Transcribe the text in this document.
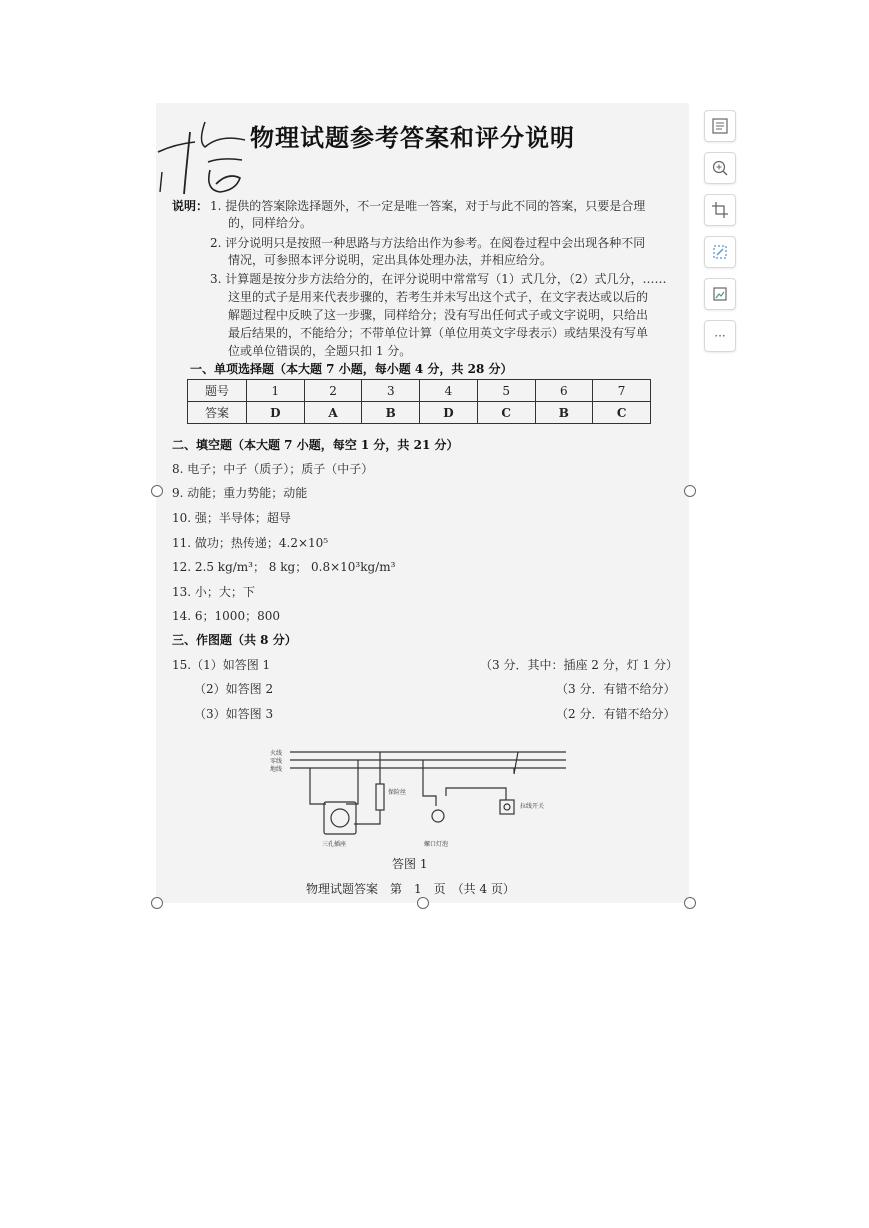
物理试题参考答案和评分说明
说明： 1. 提供的答案除选择题外，不一定是唯一答案，对于与此不同的答案，只要是合理
的，同样给分。
2. 评分说明只是按照一种思路与方法给出作为参考。在阅卷过程中会出现各种不同
情况，可参照本评分说明，定出具体处理办法，并相应给分。
3. 计算题是按分步方法给分的，在评分说明中常常写（1）式几分，（2）式几分，……
这里的式子是用来代表步骤的，若考生并未写出这个式子，在文字表达或以后的
解题过程中反映了这一步骤，同样给分；没有写出任何式子或文字说明，只给出
最后结果的，不能给分；不带单位计算（单位用英文字母表示）或结果没有写单
位或单位错误的，全题只扣 1 分。
一、单项选择题（本大题 7 小题，每小题 4 分，共 28 分）
题号	1	2	3	4	5	6	7
答案	D	A	B	D	C	B	C
二、填空题（本大题 7 小题，每空 1 分，共 21 分）
8. 电子；中子（质子）；质子（中子）
9. 动能；重力势能；动能
10. 强；半导体；超导
11. 做功；热传递；4.2×10⁵
12. 2.5 kg/m³； 8 kg； 0.8×10³kg/m³
13. 小；大；下
14. 6；1000；800
三、作图题（共 8 分）
15.（1）如答图 1	（3 分．其中：插座 2 分，灯 1 分）
（2）如答图 2	（3 分．有错不给分）
（3）如答图 3	（2 分．有错不给分）
火线
零线
地线
三孔插座
保险丝
螺口灯泡
拉线开关
答图 1
物理试题答案　第　1　页　（共 4 页）
···
